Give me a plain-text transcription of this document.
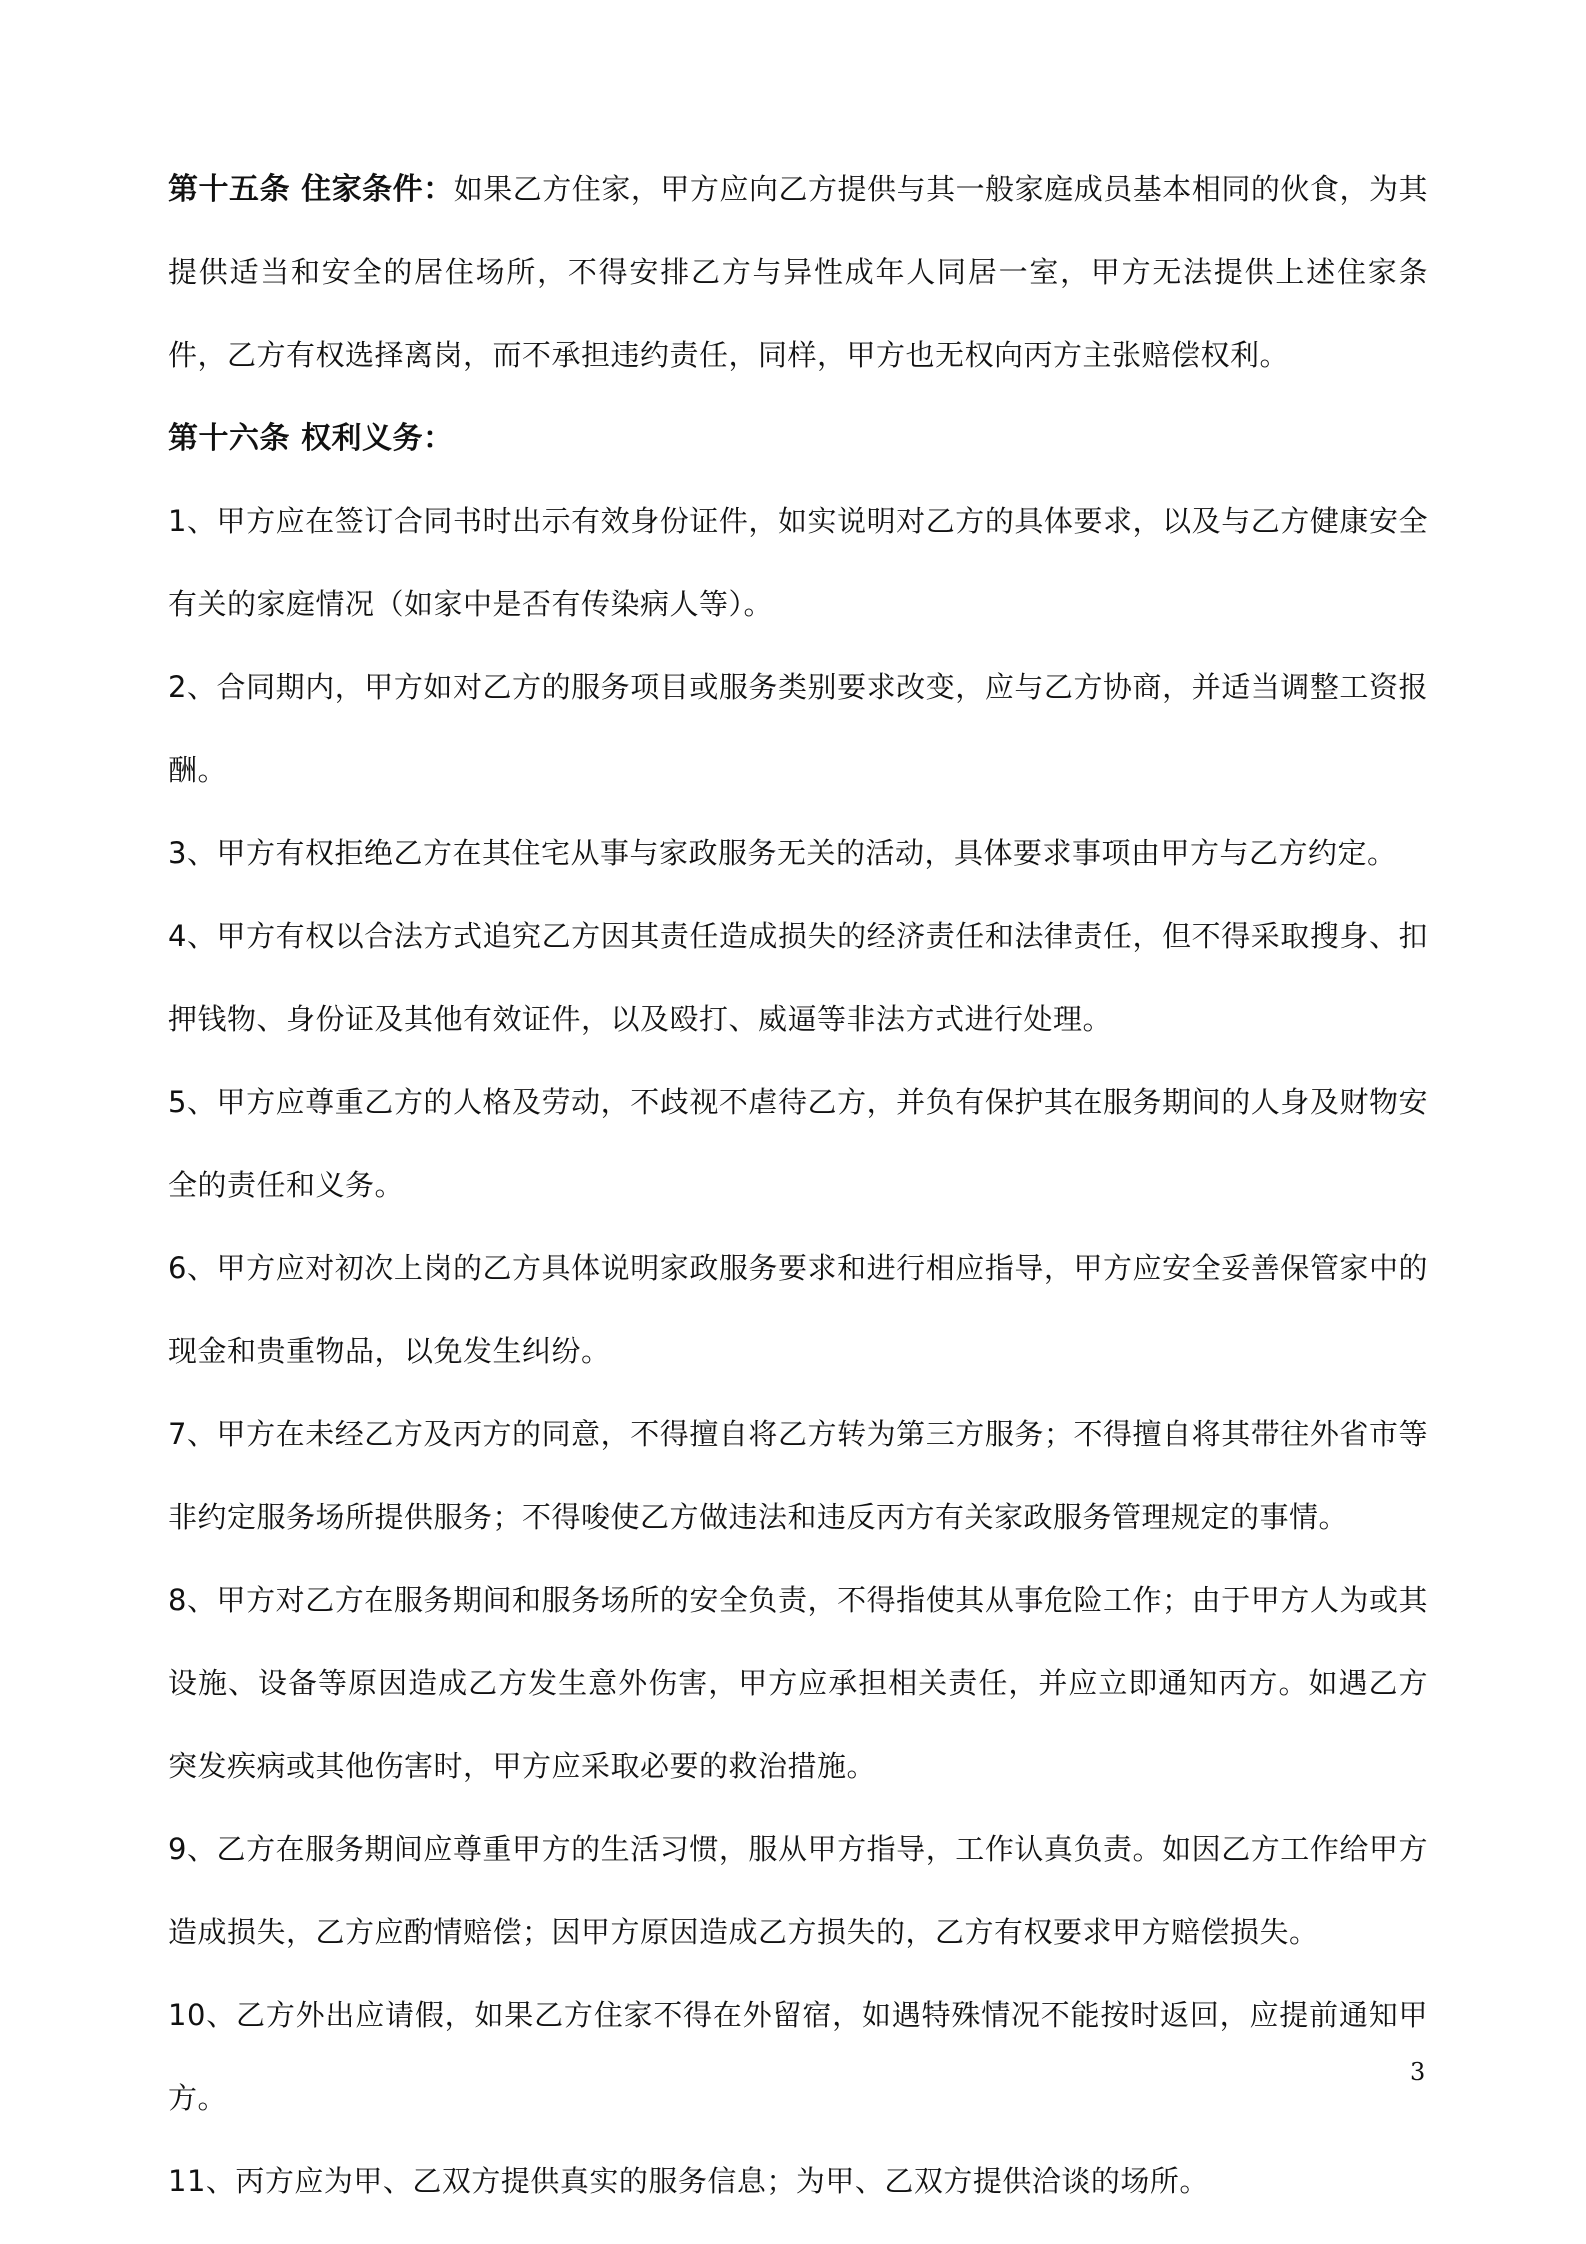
第十五条 住家条件：如果乙方住家，甲方应向乙方提供与其一般家庭成员基本相同的伙食，为其提供适当和安全的居住场所，不得安排乙方与异性成年人同居一室，甲方无法提供上述住家条件，乙方有权选择离岗，而不承担违约责任，同样，甲方也无权向丙方主张赔偿权利。

第十六条 权利义务：

1、甲方应在签订合同书时出示有效身份证件，如实说明对乙方的具体要求，以及与乙方健康安全有关的家庭情况（如家中是否有传染病人等）。

2、合同期内，甲方如对乙方的服务项目或服务类别要求改变，应与乙方协商，并适当调整工资报酬。

3、甲方有权拒绝乙方在其住宅从事与家政服务无关的活动，具体要求事项由甲方与乙方约定。

4、甲方有权以合法方式追究乙方因其责任造成损失的经济责任和法律责任，但不得采取搜身、扣押钱物、身份证及其他有效证件，以及殴打、威逼等非法方式进行处理。

5、甲方应尊重乙方的人格及劳动，不歧视不虐待乙方，并负有保护其在服务期间的人身及财物安全的责任和义务。

6、甲方应对初次上岗的乙方具体说明家政服务要求和进行相应指导，甲方应安全妥善保管家中的现金和贵重物品，以免发生纠纷。

7、甲方在未经乙方及丙方的同意，不得擅自将乙方转为第三方服务；不得擅自将其带往外省市等非约定服务场所提供服务；不得唆使乙方做违法和违反丙方有关家政服务管理规定的事情。

8、甲方对乙方在服务期间和服务场所的安全负责，不得指使其从事危险工作；由于甲方人为或其设施、设备等原因造成乙方发生意外伤害，甲方应承担相关责任，并应立即通知丙方。如遇乙方突发疾病或其他伤害时，甲方应采取必要的救治措施。

9、乙方在服务期间应尊重甲方的生活习惯，服从甲方指导，工作认真负责。如因乙方工作给甲方造成损失，乙方应酌情赔偿；因甲方原因造成乙方损失的，乙方有权要求甲方赔偿损失。

10、乙方外出应请假，如果乙方住家不得在外留宿，如遇特殊情况不能按时返回，应提前通知甲方。

11、丙方应为甲、乙双方提供真实的服务信息；为甲、乙双方提供洽谈的场所。

3
